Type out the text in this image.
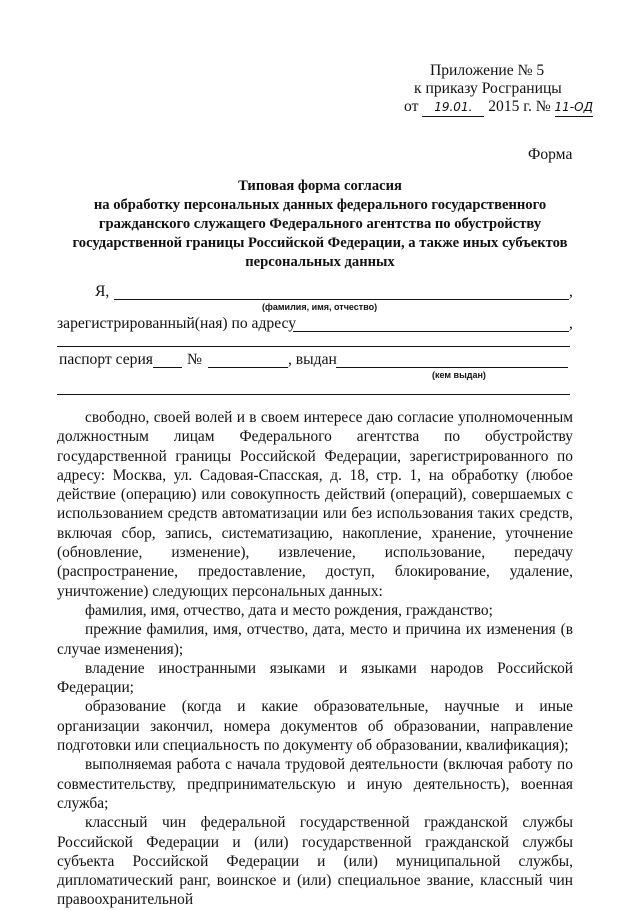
Приложение № 5
к приказу Росграницы
от 19.01. 2015 г. № 11-ОД
Форма
Типовая форма согласия
на обработку персональных данных федерального государственного
гражданского служащего Федерального агентства по обустройству
государственной границы Российской Федерации, а также иных субъектов
персональных данных
Я,	,
(фамилия, имя, отчество)
зарегистрированный(ная) по адресу	,
паспорт серия №	, выдан
(кем выдан)

свободно, своей волей и в своем интересе даю согласие уполномоченным должностным лицам Федерального агентства по обустройству государственной границы Российской Федерации, зарегистрированного по адресу: Москва, ул. Садовая-Спасская, д. 18, стр. 1, на обработку (любое действие (операцию) или совокупность действий (операций), совершаемых с использованием средств автоматизации или без использования таких средств, включая сбор, запись, систематизацию, накопление, хранение, уточнение (обновление, изменение), извлечение, использование, передачу (распространение, предоставление, доступ, блокирование, удаление, уничтожение) следующих персональных данных:

фамилия, имя, отчество, дата и место рождения, гражданство;

прежние фамилия, имя, отчество, дата, место и причина их изменения (в случае изменения);

владение иностранными языками и языками народов Российской Федерации;

образование (когда и какие образовательные, научные и иные организации закончил, номера документов об образовании, направление подготовки или специальность по документу об образовании, квалификация);

выполняемая работа с начала трудовой деятельности (включая работу по совместительству, предпринимательскую и иную деятельность), военная служба;

классный чин федеральной государственной гражданской службы Российской Федерации и (или) государственной гражданской службы субъекта Российской Федерации и (или) муниципальной службы, дипломатический ранг, воинское и (или) специальное звание, классный чин правоохранительной
